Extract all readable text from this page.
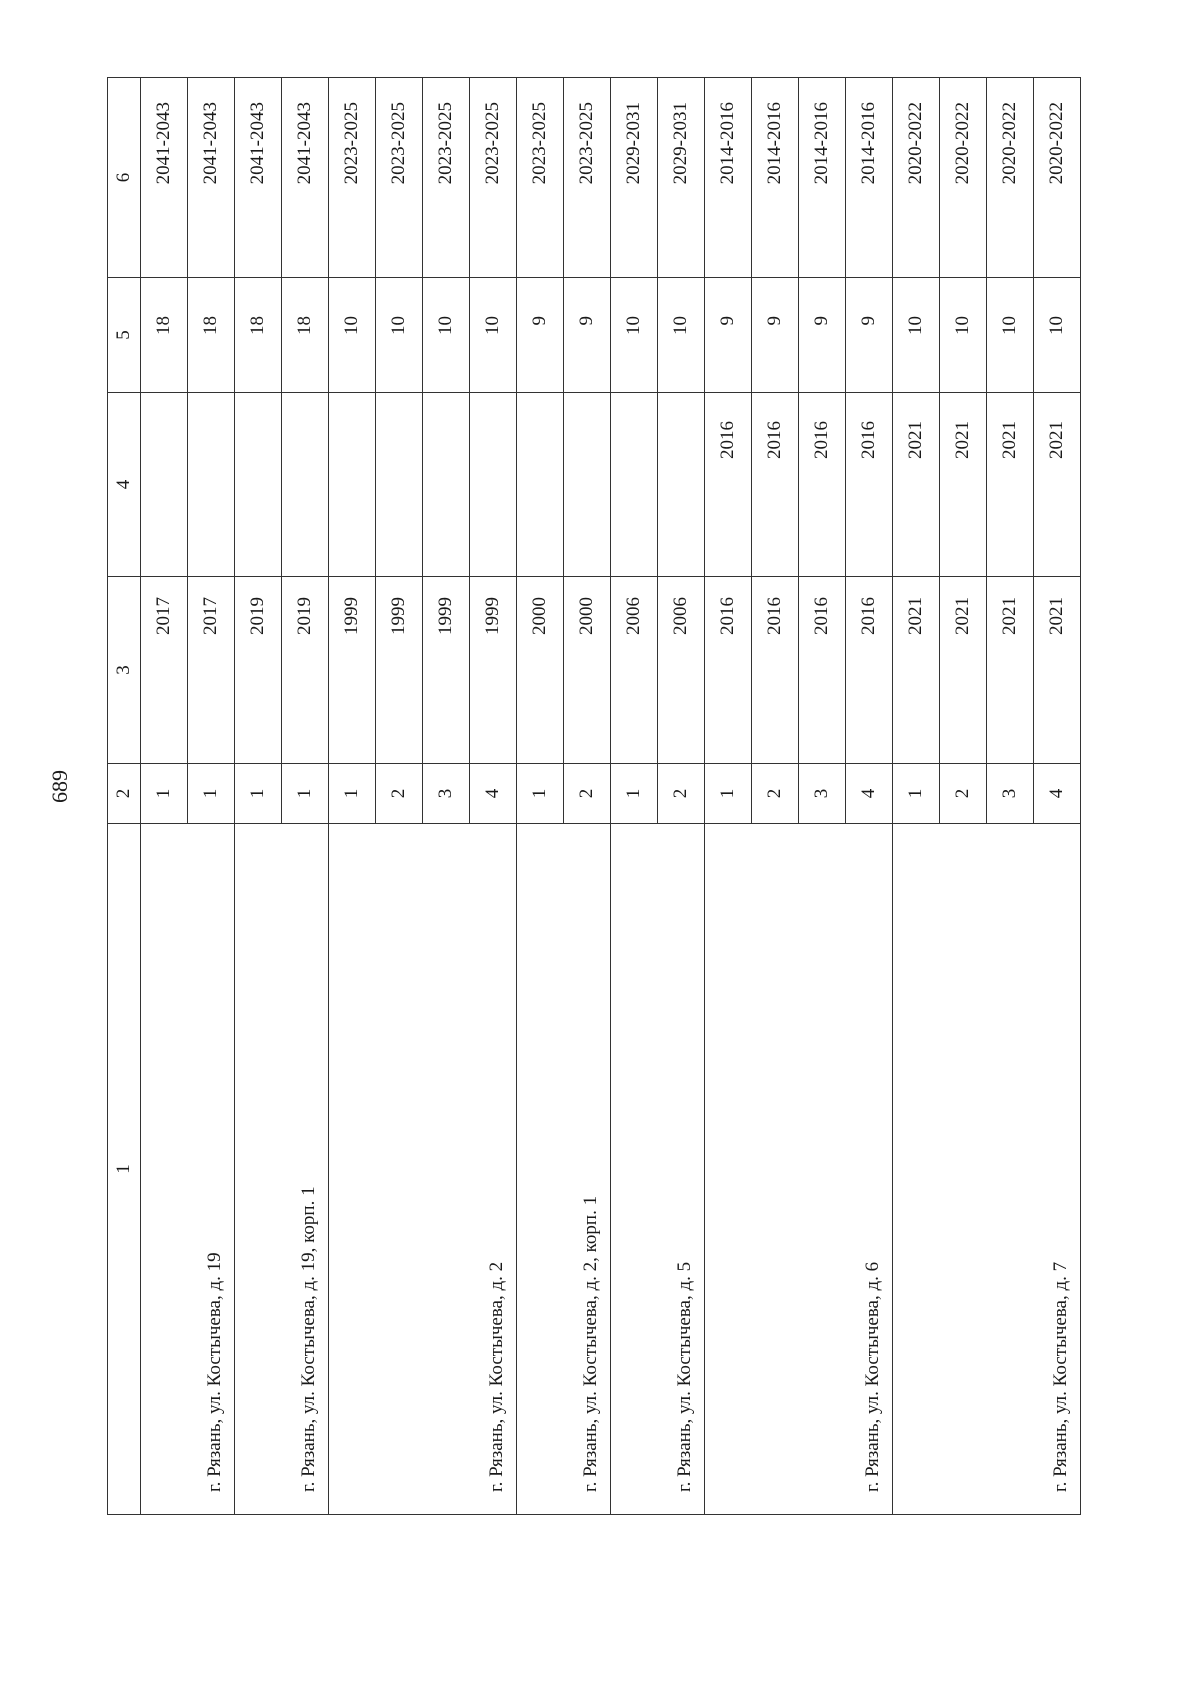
689
1	2	3	4	5	6
г. Рязань, ул. Костычева, д. 19	1	2017		18	2041-2043
	1	2017		18	2041-2043
г. Рязань, ул. Костычева, д. 19, корп. 1	1	2019		18	2041-2043
	1	2019		18	2041-2043
г. Рязань, ул. Костычева, д. 2	1	1999		10	2023-2025
	2	1999		10	2023-2025
	3	1999		10	2023-2025
	4	1999		10	2023-2025
г. Рязань, ул. Костычева, д. 2, корп. 1	1	2000		9	2023-2025
	2	2000		9	2023-2025
г. Рязань, ул. Костычева, д. 5	1	2006		10	2029-2031
	2	2006		10	2029-2031
г. Рязань, ул. Костычева, д. 6	1	2016	2016	9	2014-2016
	2	2016	2016	9	2014-2016
	3	2016	2016	9	2014-2016
	4	2016	2016	9	2014-2016
г. Рязань, ул. Костычева, д. 7	1	2021	2021	10	2020-2022
	2	2021	2021	10	2020-2022
	3	2021	2021	10	2020-2022
	4	2021	2021	10	2020-2022
